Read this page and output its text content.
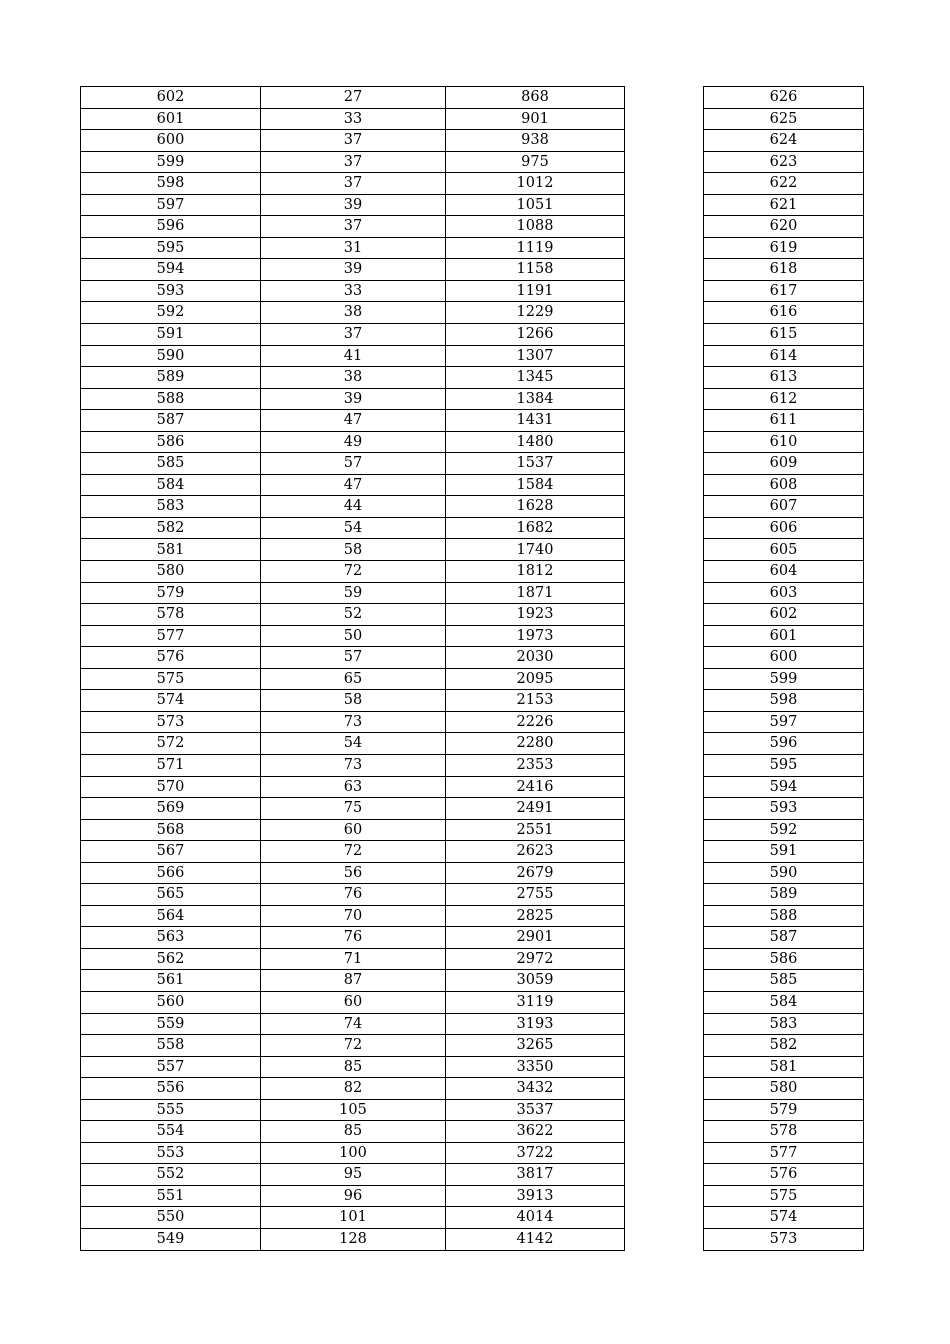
602	27	868
601	33	901
600	37	938
599	37	975
598	37	1012
597	39	1051
596	37	1088
595	31	1119
594	39	1158
593	33	1191
592	38	1229
591	37	1266
590	41	1307
589	38	1345
588	39	1384
587	47	1431
586	49	1480
585	57	1537
584	47	1584
583	44	1628
582	54	1682
581	58	1740
580	72	1812
579	59	1871
578	52	1923
577	50	1973
576	57	2030
575	65	2095
574	58	2153
573	73	2226
572	54	2280
571	73	2353
570	63	2416
569	75	2491
568	60	2551
567	72	2623
566	56	2679
565	76	2755
564	70	2825
563	76	2901
562	71	2972
561	87	3059
560	60	3119
559	74	3193
558	72	3265
557	85	3350
556	82	3432
555	105	3537
554	85	3622
553	100	3722
552	95	3817
551	96	3913
550	101	4014
549	128	4142
626
625
624
623
622
621
620
619
618
617
616
615
614
613
612
611
610
609
608
607
606
605
604
603
602
601
600
599
598
597
596
595
594
593
592
591
590
589
588
587
586
585
584
583
582
581
580
579
578
577
576
575
574
573
